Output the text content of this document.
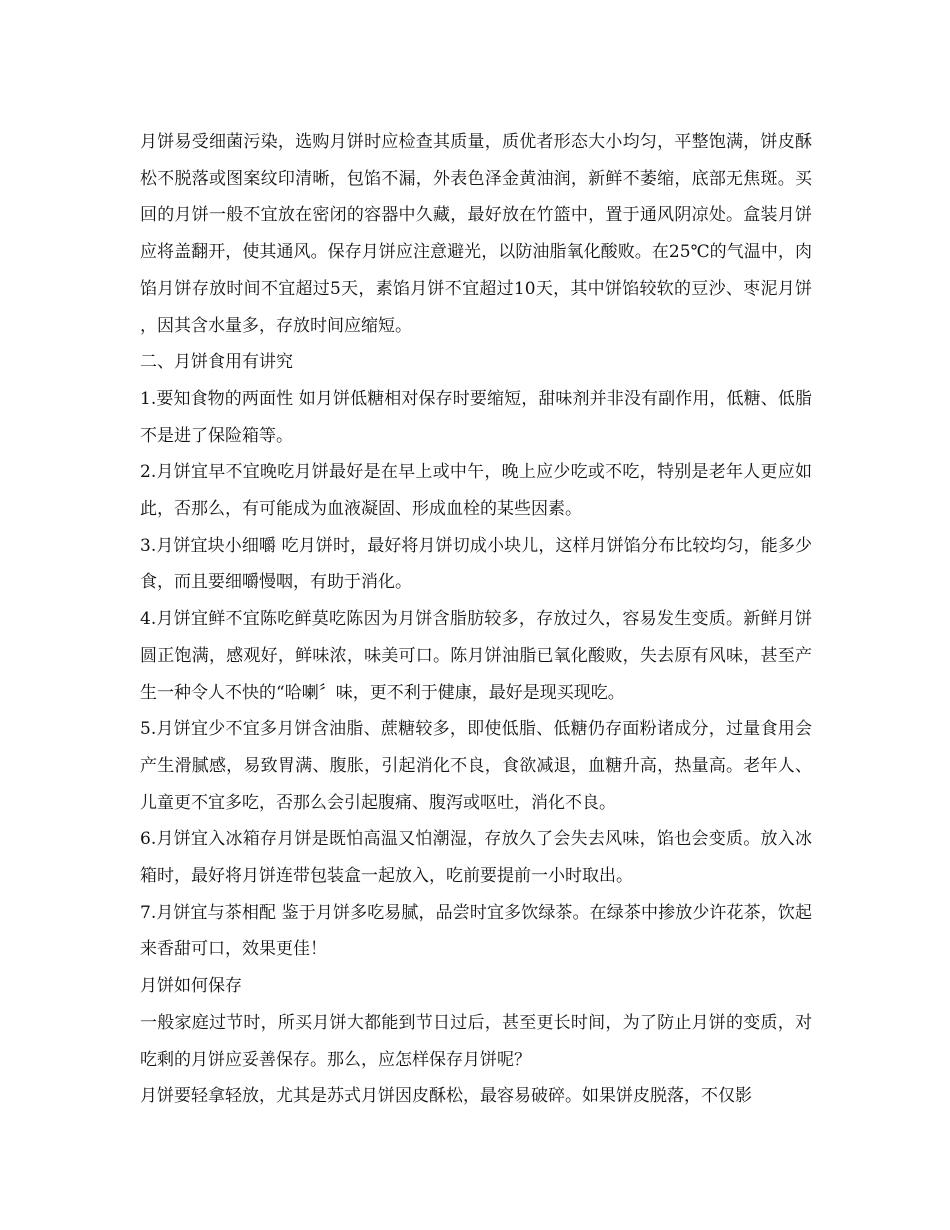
月饼易受细菌污染，选购月饼时应检查其质量，质优者形态大小均匀，平整饱满，饼皮酥松不脱落或图案纹印清晰，包馅不漏，外表色泽金黄油润，新鲜不萎缩，底部无焦斑。买回的月饼一般不宜放在密闭的容器中久藏，最好放在竹篮中，置于通风阴凉处。盒装月饼应将盖翻开，使其通风。保存月饼应注意避光，以防油脂氧化酸败。在25℃的气温中，肉馅月饼存放时间不宜超过5天，素馅月饼不宜超过10天，其中饼馅较软的豆沙、枣泥月饼，因其含水量多，存放时间应缩短。

二、月饼食用有讲究

1.要知食物的两面性 如月饼低糖相对保存时要缩短，甜味剂并非没有副作用，低糖、低脂不是进了保险箱等。

2.月饼宜早不宜晚吃月饼最好是在早上或中午，晚上应少吃或不吃，特别是老年人更应如此，否那么，有可能成为血液凝固、形成血栓的某些因素。

3.月饼宜块小细嚼 吃月饼时，最好将月饼切成小块儿，这样月饼馅分布比较均匀，能多少食，而且要细嚼慢咽，有助于消化。

4.月饼宜鲜不宜陈吃鲜莫吃陈因为月饼含脂肪较多，存放过久，容易发生变质。新鲜月饼圆正饱满，感观好，鲜味浓，味美可口。陈月饼油脂已氧化酸败，失去原有风味，甚至产生一种令人不快的“哈喇〞味，更不利于健康，最好是现买现吃。

5.月饼宜少不宜多月饼含油脂、蔗糖较多，即使低脂、低糖仍存面粉诸成分，过量食用会产生滑腻感，易致胃满、腹胀，引起消化不良，食欲减退，血糖升高，热量高。老年人、儿童更不宜多吃，否那么会引起腹痛、腹泻或呕吐，消化不良。

6.月饼宜入冰箱存月饼是既怕高温又怕潮湿，存放久了会失去风味，馅也会变质。放入冰箱时，最好将月饼连带包装盒一起放入，吃前要提前一小时取出。

7.月饼宜与茶相配 鉴于月饼多吃易腻，品尝时宜多饮绿茶。在绿茶中掺放少许花茶，饮起来香甜可口，效果更佳！

月饼如何保存

一般家庭过节时，所买月饼大都能到节日过后，甚至更长时间，为了防止月饼的变质，对吃剩的月饼应妥善保存。那么，应怎样保存月饼呢？

月饼要轻拿轻放，尤其是苏式月饼因皮酥松，最容易破碎。如果饼皮脱落，不仅影
